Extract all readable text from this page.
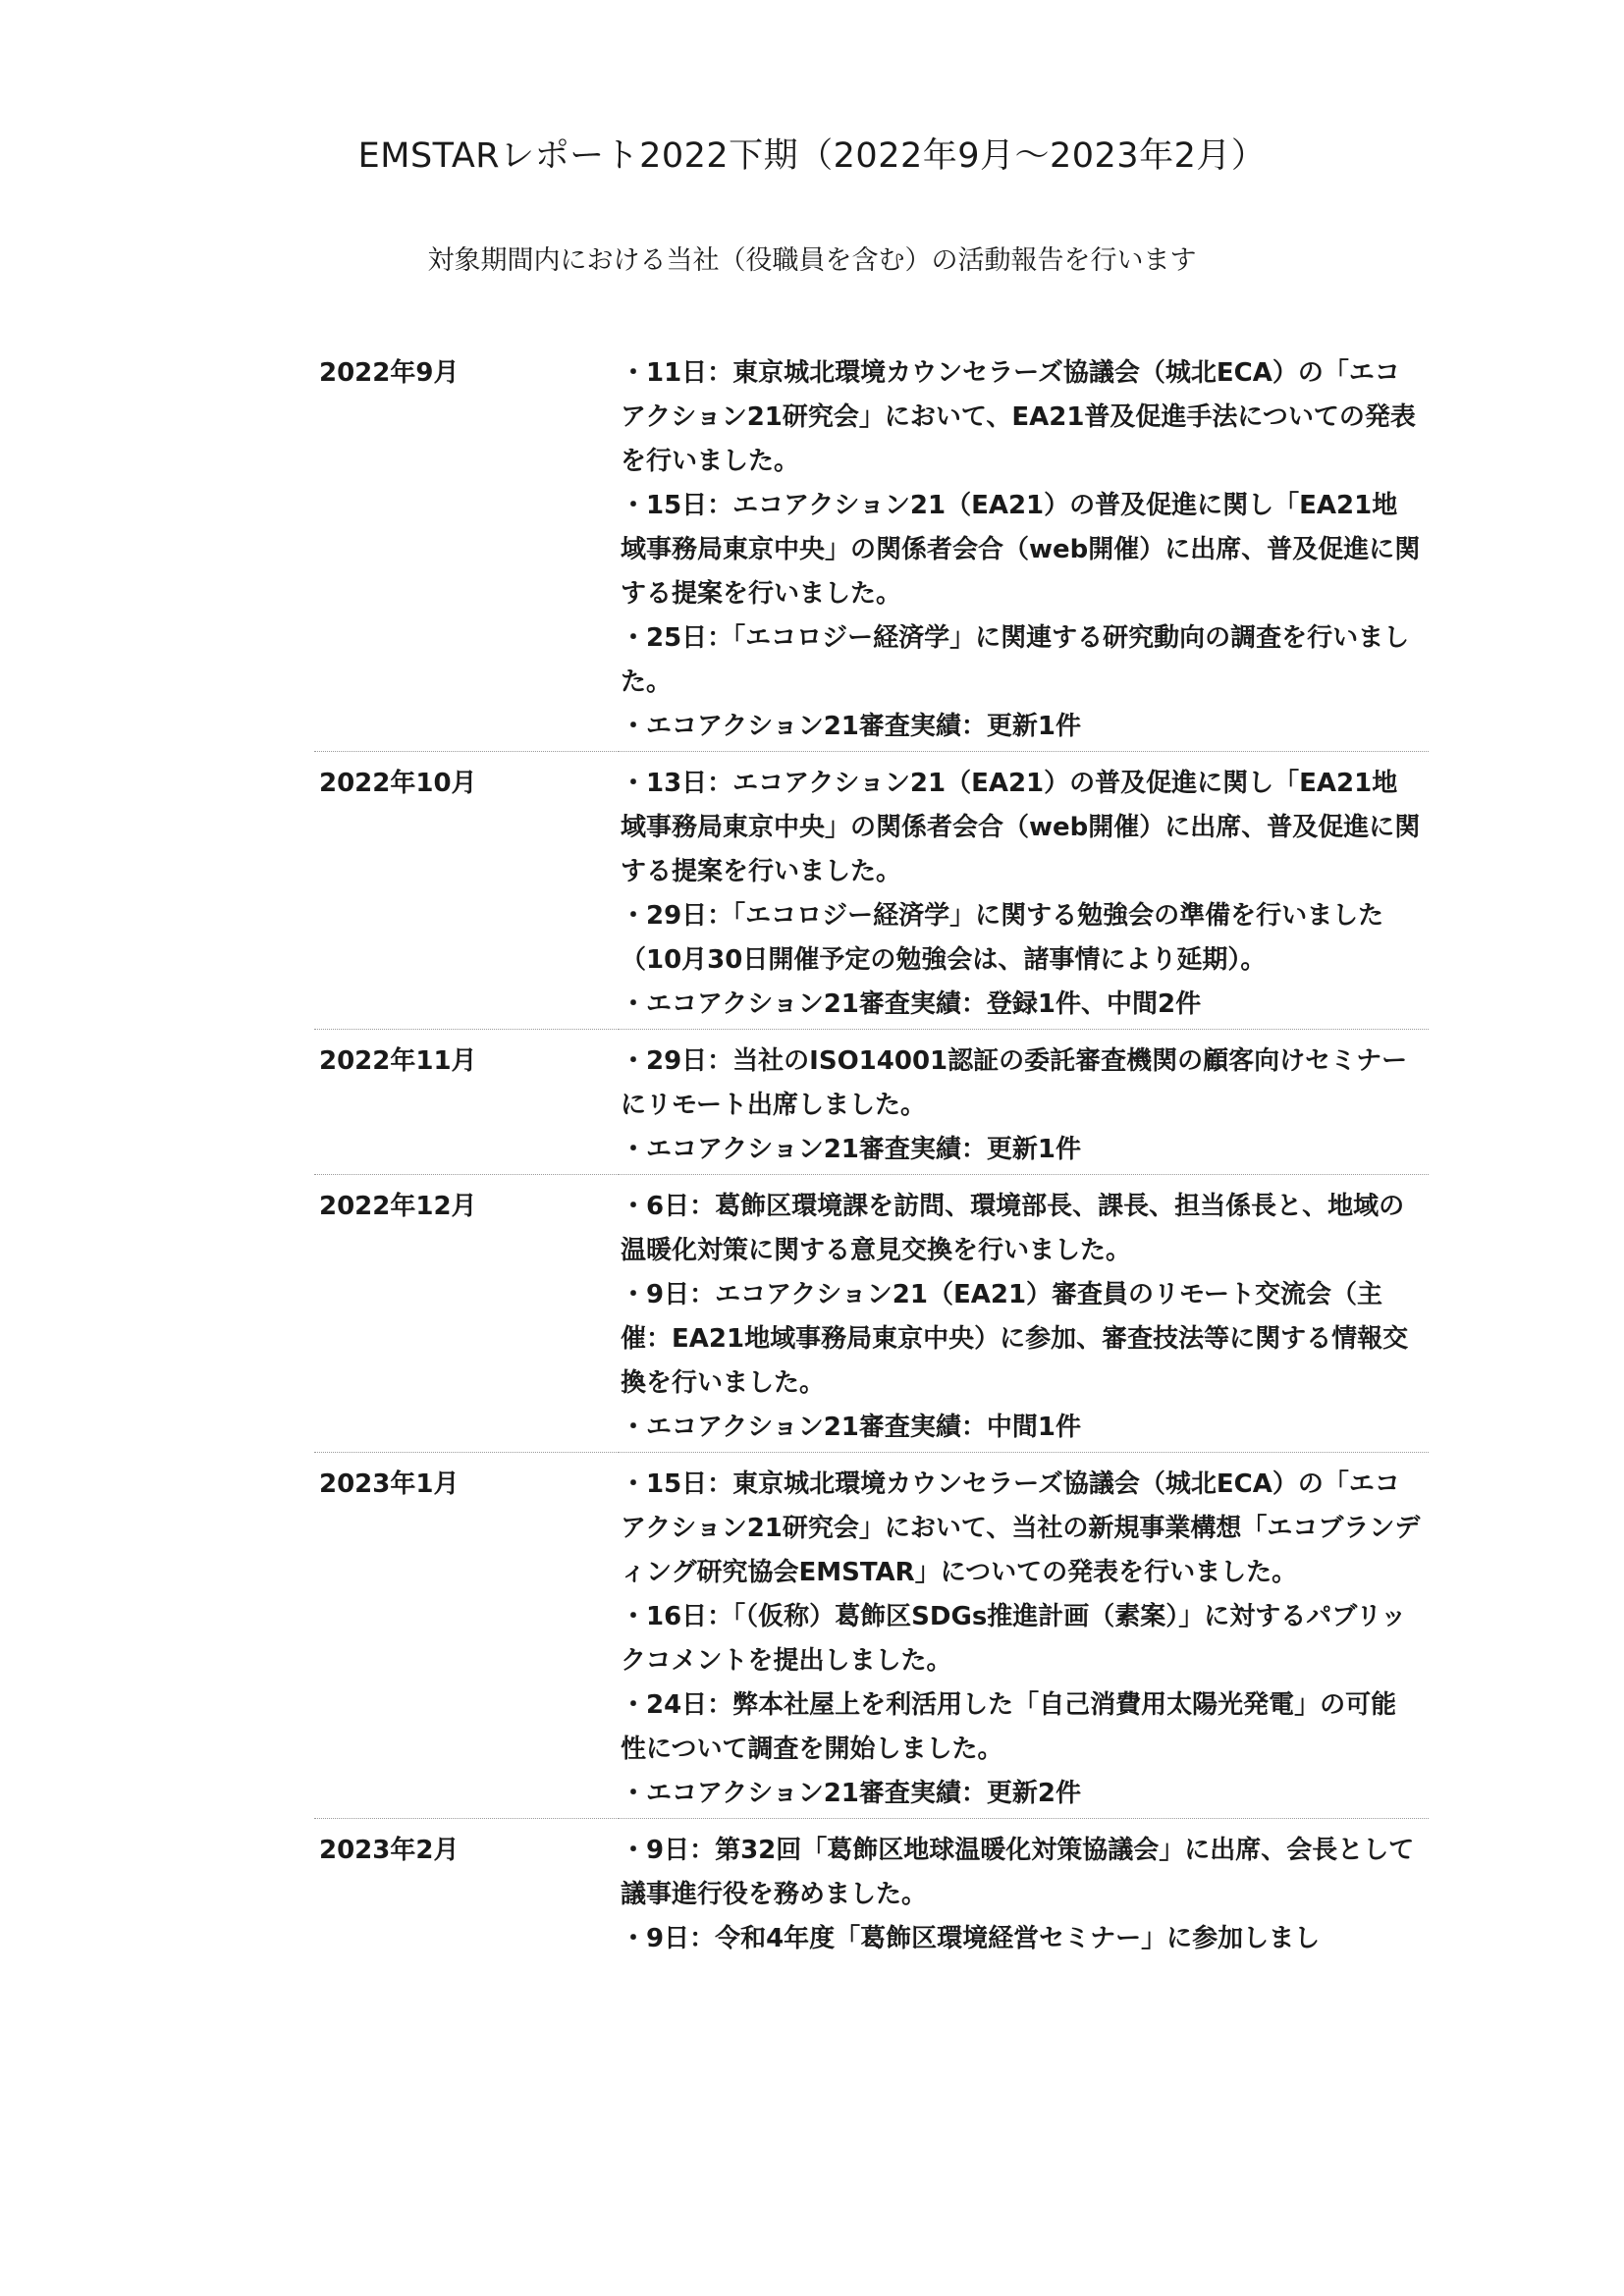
EMSTARレポート2022下期（2022年9月～2023年2月）

対象期間内における当社（役職員を含む）の活動報告を行います

2022年9月	・11日：東京城北環境カウンセラーズ協議会（城北ECA）の「エコアクション21研究会」において、EA21普及促進手法についての発表を行いました。
・15日：エコアクション21（EA21）の普及促進に関し「EA21地域事務局東京中央」の関係者会合（web開催）に出席、普及促進に関する提案を行いました。
・25日：「エコロジー経済学」に関連する研究動向の調査を行いました。
・エコアクション21審査実績：更新1件

2022年10月	・13日：エコアクション21（EA21）の普及促進に関し「EA21地域事務局東京中央」の関係者会合（web開催）に出席、普及促進に関する提案を行いました。
・29日：「エコロジー経済学」に関する勉強会の準備を行いました（10月30日開催予定の勉強会は、諸事情により延期）。
・エコアクション21審査実績：登録1件、中間2件

2022年11月	・29日：当社のISO14001認証の委託審査機関の顧客向けセミナーにリモート出席しました。
・エコアクション21審査実績：更新1件

2022年12月	・6日：葛飾区環境課を訪問、環境部長、課長、担当係長と、地域の温暖化対策に関する意見交換を行いました。
・9日：エコアクション21（EA21）審査員のリモート交流会（主催：EA21地域事務局東京中央）に参加、審査技法等に関する情報交換を行いました。
・エコアクション21審査実績：中間1件

2023年1月	・15日：東京城北環境カウンセラーズ協議会（城北ECA）の「エコアクション21研究会」において、当社の新規事業構想「エコブランディング研究協会EMSTAR」についての発表を行いました。
・16日：「（仮称）葛飾区SDGs推進計画（素案）」に対するパブリックコメントを提出しました。
・24日：弊本社屋上を利活用した「自己消費用太陽光発電」の可能性について調査を開始しました。
・エコアクション21審査実績：更新2件

2023年2月	・9日：第32回「葛飾区地球温暖化対策協議会」に出席、会長として議事進行役を務めました。
・9日：令和4年度「葛飾区環境経営セミナー」に参加しまし
